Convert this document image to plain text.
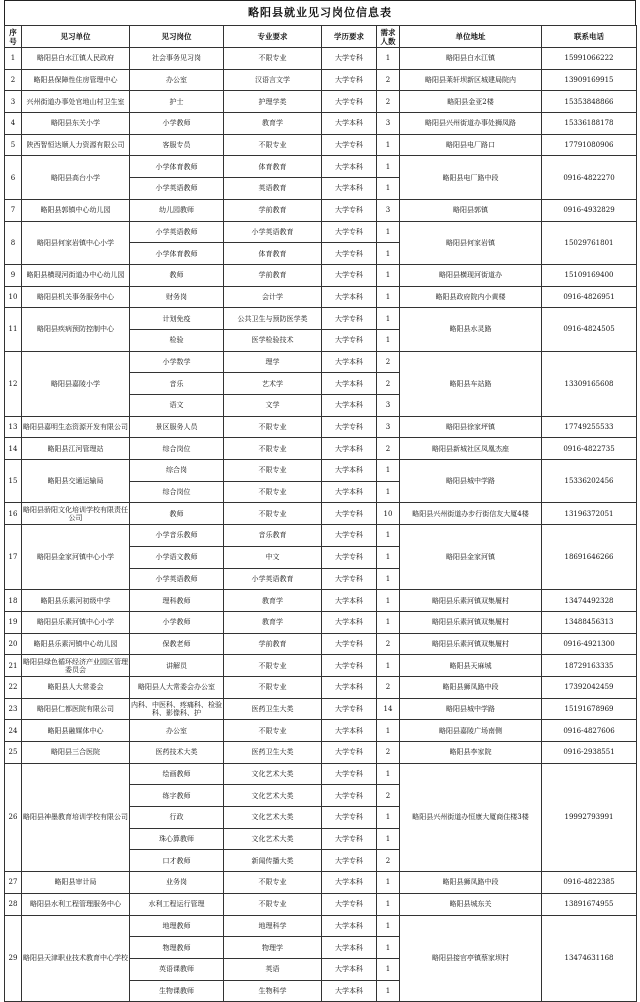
略阳县就业见习岗位信息表
序号	见习单位	见习岗位	专业要求	学历要求	需求人数	单位地址	联系电话
1	略阳县白水江镇人民政府	社会事务见习岗	不限专业	大学专科	1	略阳县白水江镇	15991066222
2	略阳县保障性住房管理中心	办公室	汉语言文学	大学专科	2	略阳县莱轩坝新区城建局院内	13909169915
3	兴州街道办事处官地山村卫生室	护士	护理学类	大学专科	2	略阳县金亚2楼	15353848866
4	略阳县东关小学	小学教师	教育学	大学本科	3	略阳县兴州街道办事处狮凤路	15336188178
5	陕西智恒达顺人力资源有限公司	客服专员	不限专业	大学专科	1	略阳县电厂路口	17791080906
6	略阳县高台小学	小学体育教师	体育教育	大学本科	1	略阳县电厂路中段	0916-4822270
		小学英语教师	英语教育	大学本科	1		
7	略阳县郭镇中心幼儿园	幼儿园教师	学前教育	大学专科	3	略阳县郭镇	0916-4932829
8	略阳县何家岩镇中心小学	小学英语教师	小学英语教育	大学专科	1	略阳县何家岩镇	15029761801
		小学体育教师	体育教育	大学专科	1		
9	略阳县横现河街道办中心幼儿园	教师	学前教育	大学专科	1	略阳县横现河街道办	15109169400
10	略阳县机关事务服务中心	财务岗	会计学	大学本科	1	略阳县政府院内小黄楼	0916-4826951
11	略阳县疾病预防控制中心	计划免疫	公共卫生与预防医学类	大学专科	1	略阳县水灵路	0916-4824505
		检验	医学检验技术	大学专科	1		
12	略阳县嘉陵小学	小学数学	理学	大学本科	2	略阳县车站路	13309165608
		音乐	艺术学	大学本科	2		
		语文	文学	大学本科	3		
13	略阳县嘉明生态资源开发有限公司	景区服务人员	不限专业	大学专科	3	略阳县徐家坪镇	17749255533
14	略阳县江河管理站	综合岗位	不限专业	大学本科	2	略阳县新城社区凤凰杰座	0916-4822735
15	略阳县交通运输局	综合岗	不限专业	大学本科	1	略阳县城中学路	15336202456
		综合岗位	不限专业	大学本科	1		
16	略阳县骄阳文化培训学校有限责任公司	教师	不限专业	大学专科	10	略阳县兴州街道办步行街信友大厦4楼	13196372051
17	略阳县金家河镇中心小学	小学音乐教师	音乐教育	大学专科	1	略阳县金家河镇	18691646266
		小学语文教师	中文	大学专科	1		
		小学英语教师	小学英语教育	大学专科	1		
18	略阳县乐素河初级中学	理科教师	教育学	大学本科	1	略阳县乐素河镇双集履村	13474492328
19	略阳县乐素河镇中心小学	小学教师	教育学	大学本科	1	略阳县乐素河镇双集履村	13488456313
20	略阳县乐素河镇中心幼儿园	保教老师	学前教育	大学专科	2	略阳县乐素河镇双集履村	0916-4921300
21	略阳县绿色循环经济产业园区管理委员会	讲解员	不限专业	大学专科	1	略阳县天麻城	18729163335
22	略阳县人大常委会	略阳县人大常委会办公室	不限专业	大学本科	2	略阳县狮凤路中段	17392042459
23	略阳县仁都医院有限公司	内科、中医科、疼痛科、检验科、影像科、护	医药卫生大类	大学专科	14	略阳县城中学路	15191678969
24	略阳县融媒体中心	办公室	不限专业	大学本科	1	略阳县嘉陵广场南侧	0916-4827606
25	略阳县三合医院	医药技术大类	医药卫生大类	大学专科	2	略阳县李家院	0916-2938551
26	略阳县神墨教育培训学校有限公司	绘画教师	文化艺术大类	大学专科	1	略阳县兴州街道办恒康大厦商住楼3楼	19992793991
		练字教师	文化艺术大类	大学专科	2		
		行政	文化艺术大类	大学专科	1		
		珠心算教师	文化艺术大类	大学专科	1		
		口才教师	新闻传播大类	大学专科	2		
27	略阳县审计局	业务岗	不限专业	大学本科	1	略阳县狮凤路中段	0916-4822385
28	略阳县水利工程管理服务中心	水利工程运行管理	不限专业	大学专科	1	略阳县城东关	13891674955
29	略阳县天津职业技术教育中心学校	地理教师	地理科学	大学本科	1	略阳县接官亭镇蔡家坝村	13474631168
		物理教师	物理学	大学本科	1		
		英语课教师	英语	大学本科	1		
		生物课教师	生物科学	大学本科	1		
